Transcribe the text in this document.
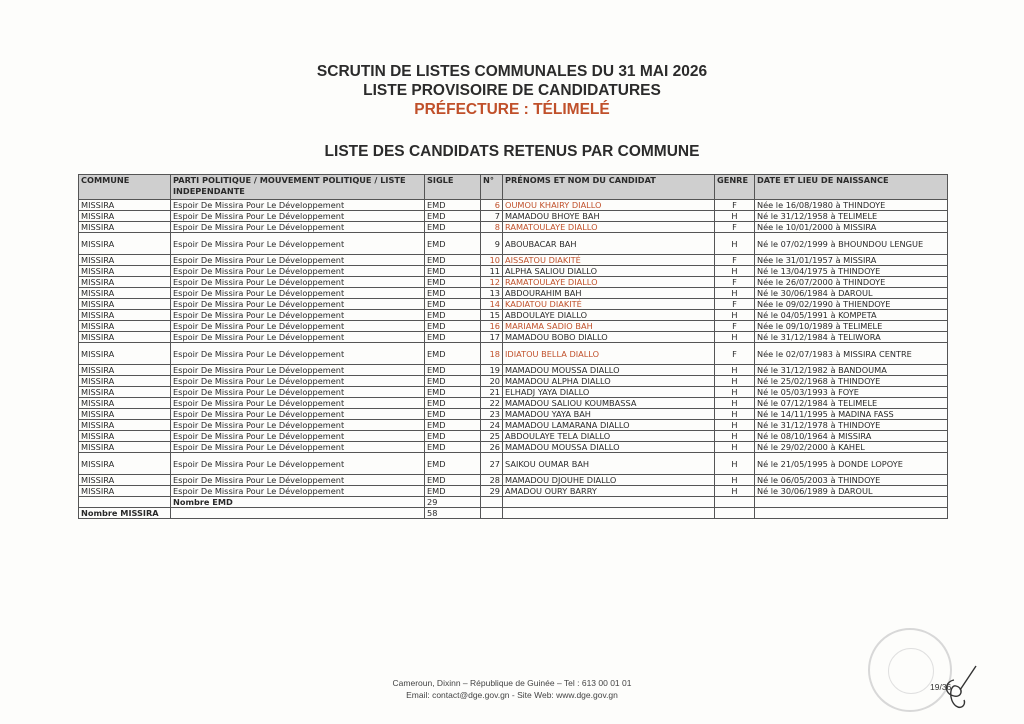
SCRUTIN DE LISTES COMMUNALES DU 31 MAI 2026
LISTE PROVISOIRE DE CANDIDATURES
PRÉFECTURE : TÉLIMELÉ
LISTE DES CANDIDATS RETENUS PAR COMMUNE
COMMUNE	PARTI POLITIQUE / MOUVEMENT POLITIQUE / LISTE INDEPENDANTE	SIGLE	N°	PRÉNOMS ET NOM DU CANDIDAT	GENRE	DATE ET LIEU DE NAISSANCE
MISSIRA	Espoir De Missira Pour Le Développement	EMD	6	OUMOU KHAIRY DIALLO	F	Née le 16/08/1980 à THINDOYE
MISSIRA	Espoir De Missira Pour Le Développement	EMD	7	MAMADOU BHOYE BAH	H	Né le 31/12/1958 à TELIMELE
MISSIRA	Espoir De Missira Pour Le Développement	EMD	8	RAMATOULAYE DIALLO	F	Née le 10/01/2000 à MISSIRA
MISSIRA	Espoir De Missira Pour Le Développement	EMD	9	ABOUBACAR BAH	H	Né le 07/02/1999 à BHOUNDOU LENGUE
MISSIRA	Espoir De Missira Pour Le Développement	EMD	10	AISSATOU DIAKITÉ	F	Née le 31/01/1957 à MISSIRA
MISSIRA	Espoir De Missira Pour Le Développement	EMD	11	ALPHA SALIOU DIALLO	H	Né le 13/04/1975 à THINDOYE
MISSIRA	Espoir De Missira Pour Le Développement	EMD	12	RAMATOULAYE DIALLO	F	Née le 26/07/2000 à THINDOYE
MISSIRA	Espoir De Missira Pour Le Développement	EMD	13	ABDOURAHIM BAH	H	Né le 30/06/1984 à DAROUL
MISSIRA	Espoir De Missira Pour Le Développement	EMD	14	KADIATOU DIAKITÉ	F	Née le 09/02/1990 à THIENDOYE
MISSIRA	Espoir De Missira Pour Le Développement	EMD	15	ABDOULAYE DIALLO	H	Né le 04/05/1991 à KOMPETA
MISSIRA	Espoir De Missira Pour Le Développement	EMD	16	MARIAMA SADIO BAH	F	Née le 09/10/1989 à TELIMELE
MISSIRA	Espoir De Missira Pour Le Développement	EMD	17	MAMADOU BOBO DIALLO	H	Né le 31/12/1984 à TELIWORA
MISSIRA	Espoir De Missira Pour Le Développement	EMD	18	IDIATOU BELLA DIALLO	F	Née le 02/07/1983 à MISSIRA CENTRE
MISSIRA	Espoir De Missira Pour Le Développement	EMD	19	MAMADOU MOUSSA DIALLO	H	Né le 31/12/1982 à BANDOUMA
MISSIRA	Espoir De Missira Pour Le Développement	EMD	20	MAMADOU ALPHA DIALLO	H	Né le 25/02/1968 à THINDOYE
MISSIRA	Espoir De Missira Pour Le Développement	EMD	21	ELHADJ YAYA DIALLO	H	Né le 05/03/1993 à FOYE
MISSIRA	Espoir De Missira Pour Le Développement	EMD	22	MAMADOU SALIOU KOUMBASSA	H	Né le 07/12/1984 à TELIMELE
MISSIRA	Espoir De Missira Pour Le Développement	EMD	23	MAMADOU YAYA BAH	H	Né le 14/11/1995 à MADINA FASS
MISSIRA	Espoir De Missira Pour Le Développement	EMD	24	MAMADOU LAMARANA DIALLO	H	Né le 31/12/1978 à THINDOYE
MISSIRA	Espoir De Missira Pour Le Développement	EMD	25	ABDOULAYE TELA DIALLO	H	Né le 08/10/1964 à MISSIRA
MISSIRA	Espoir De Missira Pour Le Développement	EMD	26	MAMADOU MOUSSA DIALLO	H	Né le 29/02/2000 à KAHEL
MISSIRA	Espoir De Missira Pour Le Développement	EMD	27	SAIKOU OUMAR BAH	H	Né le 21/05/1995 à DONDE LOPOYE
MISSIRA	Espoir De Missira Pour Le Développement	EMD	28	MAMADOU DJOUHE DIALLO	H	Né le 06/05/2003 à THINDOYE
MISSIRA	Espoir De Missira Pour Le Développement	EMD	29	AMADOU OURY BARRY	H	Né le 30/06/1989 à DAROUL
	Nombre EMD	29				
Nombre MISSIRA		58				
Cameroun, Dixinn – République de Guinée – Tel : 613 00 01 01
Email: contact@dge.gov.gn - Site Web: www.dge.gov.gn
19/36
